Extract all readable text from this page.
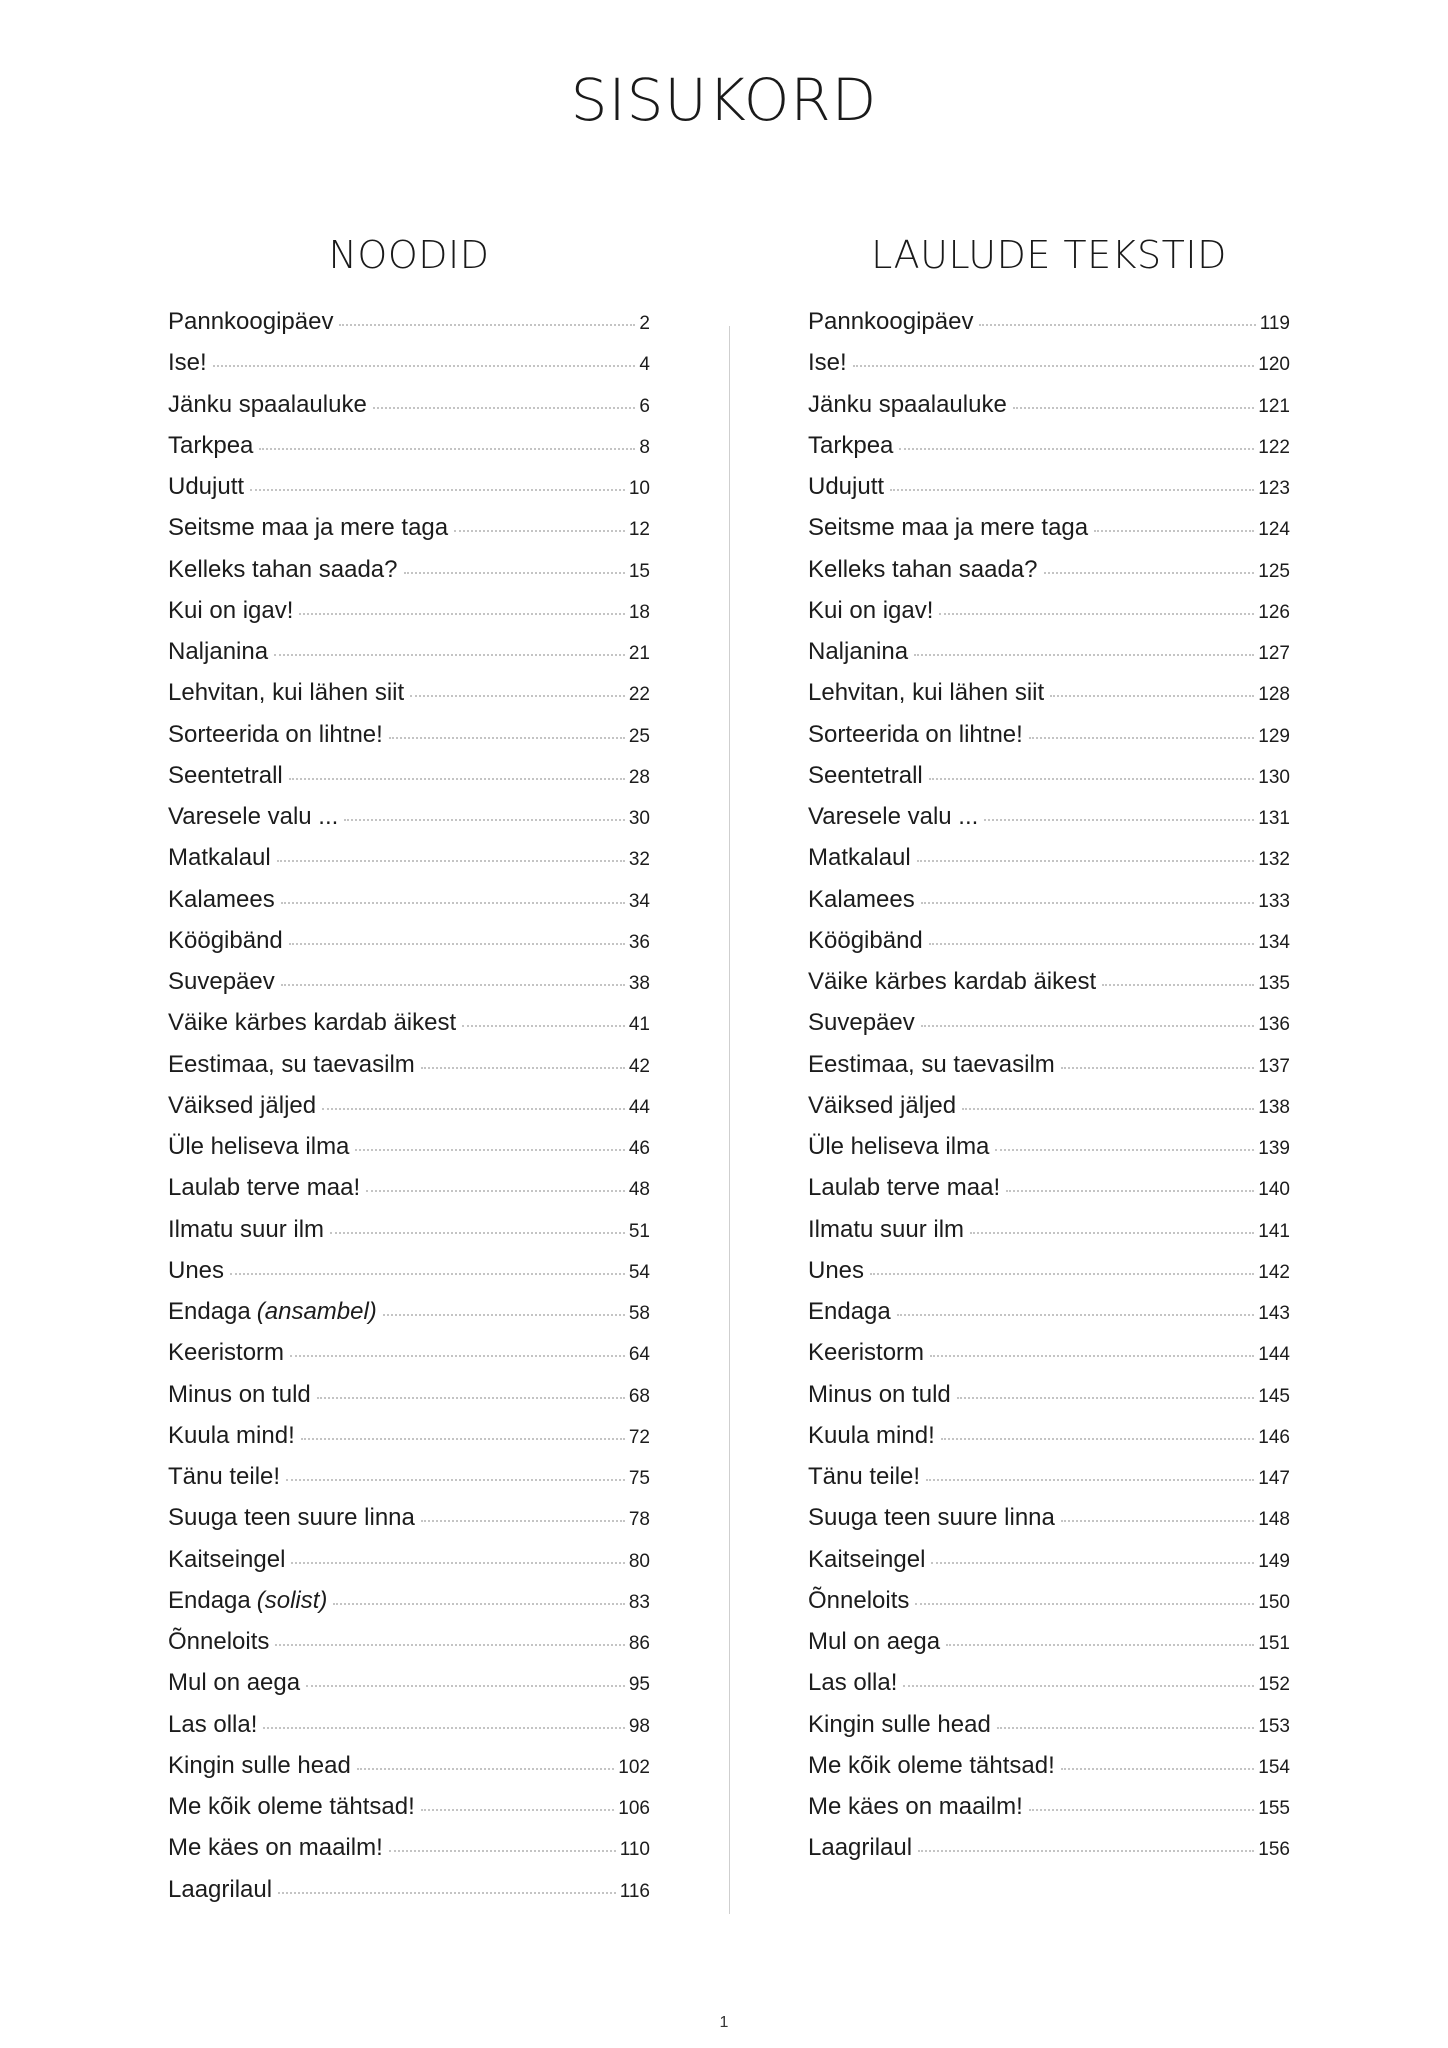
SISUKORD
NOODID
Pannkoogipäev	2
Ise!	4
Jänku spaalauluke	6
Tarkpea	8
Udujutt	10
Seitsme maa ja mere taga	12
Kelleks tahan saada?	15
Kui on igav!	18
Naljanina	21
Lehvitan, kui lähen siit	22
Sorteerida on lihtne!	25
Seentetrall	28
Varesele valu ...	30
Matkalaul	32
Kalamees	34
Köögibänd	36
Suvepäev	38
Väike kärbes kardab äikest	41
Eestimaa, su taevasilm	42
Väiksed jäljed	44
Üle heliseva ilma	46
Laulab terve maa!	48
Ilmatu suur ilm	51
Unes	54
Endaga (ansambel)	58
Keeristorm	64
Minus on tuld	68
Kuula mind!	72
Tänu teile!	75
Suuga teen suure linna	78
Kaitseingel	80
Endaga (solist)	83
Õnneloits	86
Mul on aega	95
Las olla!	98
Kingin sulle head	102
Me kõik oleme tähtsad!	106
Me käes on maailm!	110
Laagrilaul	116
LAULUDE TEKSTID
Pannkoogipäev	119
Ise!	120
Jänku spaalauluke	121
Tarkpea	122
Udujutt	123
Seitsme maa ja mere taga	124
Kelleks tahan saada?	125
Kui on igav!	126
Naljanina	127
Lehvitan, kui lähen siit	128
Sorteerida on lihtne!	129
Seentetrall	130
Varesele valu ...	131
Matkalaul	132
Kalamees	133
Köögibänd	134
Väike kärbes kardab äikest	135
Suvepäev	136
Eestimaa, su taevasilm	137
Väiksed jäljed	138
Üle heliseva ilma	139
Laulab terve maa!	140
Ilmatu suur ilm	141
Unes	142
Endaga	143
Keeristorm	144
Minus on tuld	145
Kuula mind!	146
Tänu teile!	147
Suuga teen suure linna	148
Kaitseingel	149
Õnneloits	150
Mul on aega	151
Las olla!	152
Kingin sulle head	153
Me kõik oleme tähtsad!	154
Me käes on maailm!	155
Laagrilaul	156
1
